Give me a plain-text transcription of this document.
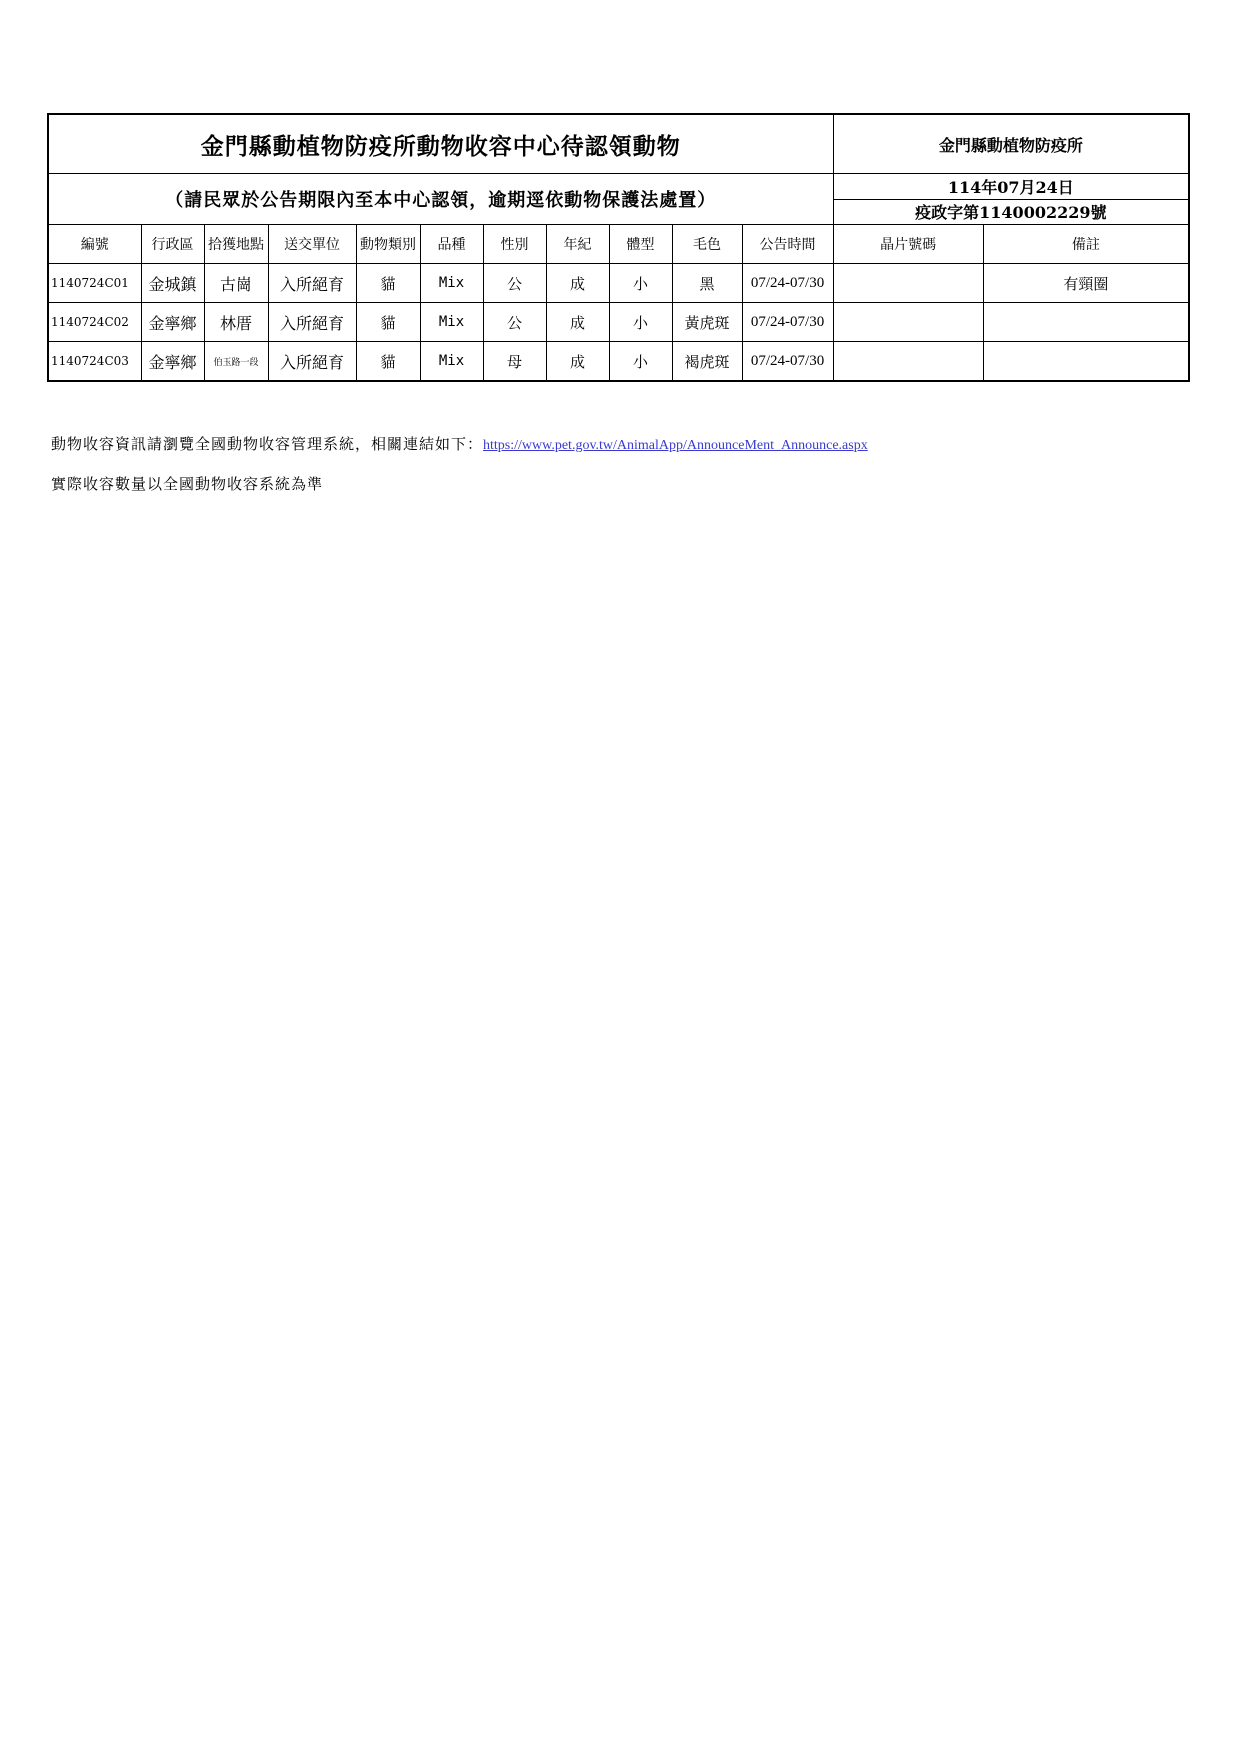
金門縣動植物防疫所動物收容中心待認領動物											金門縣動植物防疫所	
（請民眾於公告期限內至本中心認領，逾期逕依動物保護法處置）											114年07月24日	
											疫政字第1140002229號	
編號	行政區	拾獲地點	送交單位	動物類別	品種	性別	年紀	體型	毛色	公告時間	晶片號碼	備註
1140724C01	金城鎮	古崗	入所絕育	貓	Mix	公	成	小	黑	07/24-07/30		有頸圈
1140724C02	金寧鄉	林厝	入所絕育	貓	Mix	公	成	小	黃虎斑	07/24-07/30		
1140724C03	金寧鄉	伯玉路一段	入所絕育	貓	Mix	母	成	小	褐虎斑	07/24-07/30		
動物收容資訊請瀏覽全國動物收容管理系統，相關連結如下：https://www.pet.gov.tw/AnimalApp/AnnounceMent_Announce.aspx
實際收容數量以全國動物收容系統為準
